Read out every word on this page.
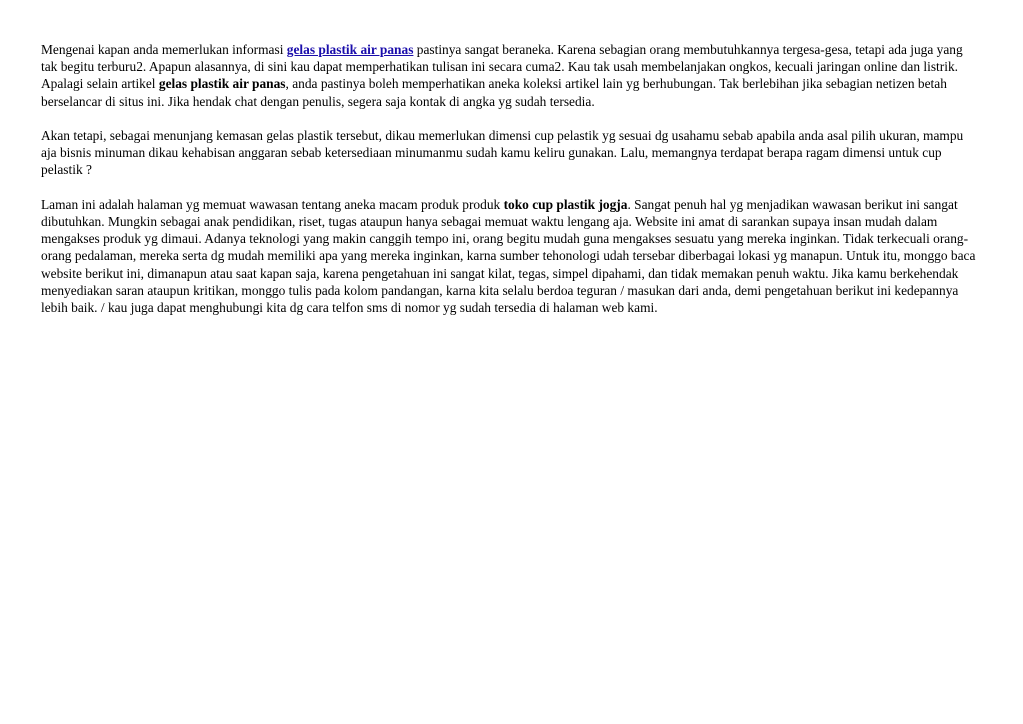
Mengenai kapan anda memerlukan informasi gelas plastik air panas pastinya sangat beraneka. Karena sebagian orang membutuhkannya tergesa-gesa, tetapi ada juga yang tak begitu terburu2. Apapun alasannya, di sini kau dapat memperhatikan tulisan ini secara cuma2. Kau tak usah membelanjakan ongkos, kecuali jaringan online dan listrik. Apalagi selain artikel gelas plastik air panas, anda pastinya boleh memperhatikan aneka koleksi artikel lain yg berhubungan. Tak berlebihan jika sebagian netizen betah berselancar di situs ini. Jika hendak chat dengan penulis, segera saja kontak di angka yg sudah tersedia.

Akan tetapi, sebagai menunjang kemasan gelas plastik tersebut, dikau memerlukan dimensi cup pelastik yg sesuai dg usahamu sebab apabila anda asal pilih ukuran, mampu aja bisnis minuman dikau kehabisan anggaran sebab ketersediaan minumanmu sudah kamu keliru gunakan. Lalu, memangnya terdapat berapa ragam dimensi untuk cup pelastik ?

Laman ini adalah halaman yg memuat wawasan tentang aneka macam produk produk toko cup plastik jogja. Sangat penuh hal yg menjadikan wawasan berikut ini sangat dibutuhkan. Mungkin sebagai anak pendidikan, riset, tugas ataupun hanya sebagai memuat waktu lengang aja. Website ini amat di sarankan supaya insan mudah dalam mengakses produk yg dimaui. Adanya teknologi yang makin canggih tempo ini, orang begitu mudah guna mengakses sesuatu yang mereka inginkan. Tidak terkecuali orang-orang pedalaman, mereka serta dg mudah memiliki apa yang mereka inginkan, karna sumber tehonologi udah tersebar diberbagai lokasi yg manapun. Untuk itu, monggo baca website berikut ini, dimanapun atau saat kapan saja, karena pengetahuan ini sangat kilat, tegas, simpel dipahami, dan tidak memakan penuh waktu. Jika kamu berkehendak menyediakan saran ataupun kritikan, monggo tulis pada kolom pandangan, karna kita selalu berdoa teguran / masukan dari anda, demi pengetahuan berikut ini kedepannya lebih baik. / kau juga dapat menghubungi kita dg cara telfon sms di nomor yg sudah tersedia di halaman web kami.
